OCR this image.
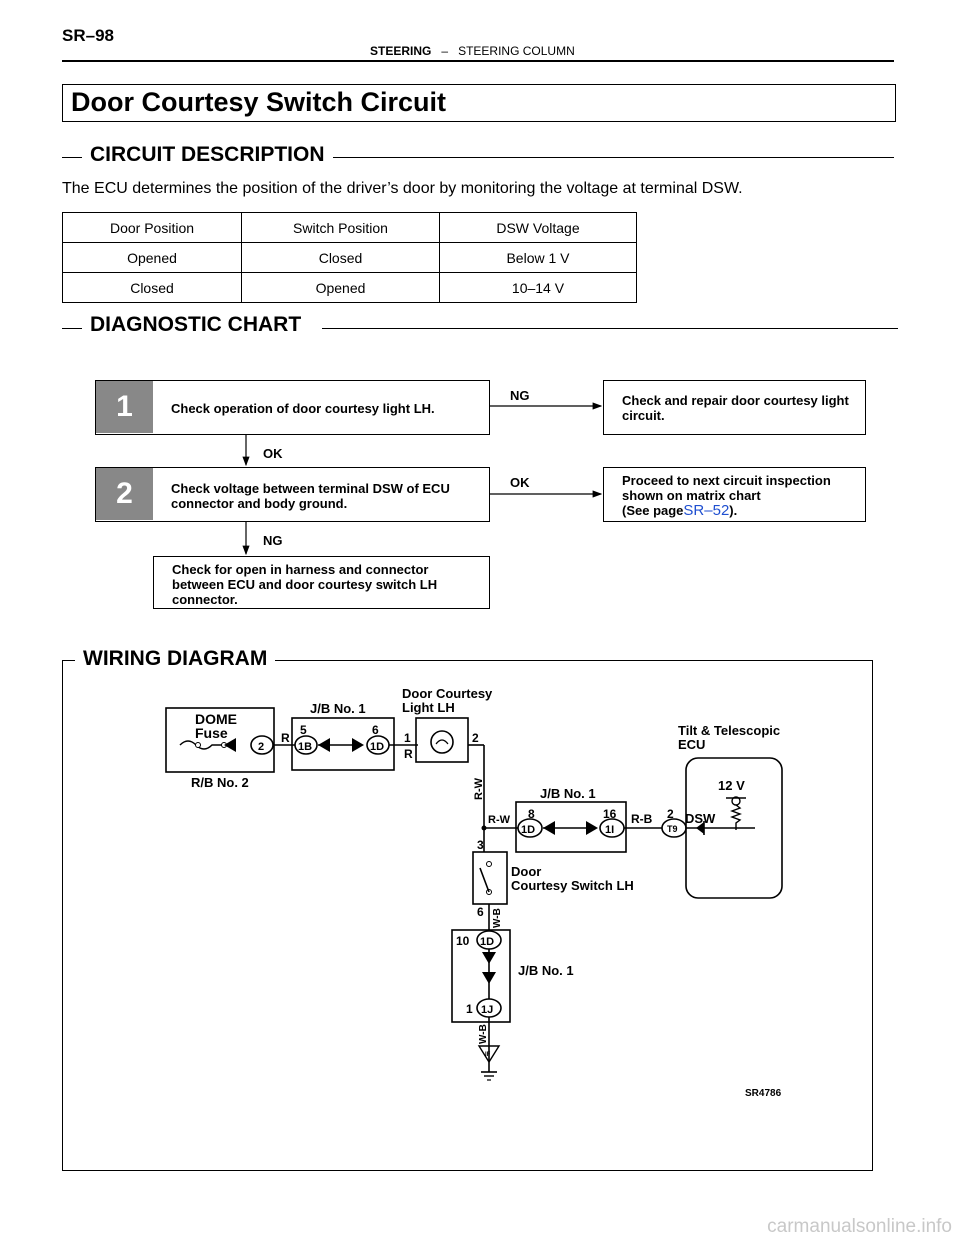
SR–98
STEERING – STEERING COLUMN
Door Courtesy Switch Circuit
CIRCUIT DESCRIPTION
The ECU determines the position of the driver’s door by monitoring the voltage at terminal DSW.
Door Position	Switch Position	DSW Voltage
Opened	Closed	Below 1 V
Closed	Opened	10–14 V
DIAGNOSTIC CHART
1	Check operation of door courtesy light LH.
Check and repair door courtesy light circuit.
NG
OK
2	Check voltage between terminal DSW of ECU connector and body ground.
Proceed to next circuit inspection shown on matrix chart
(See pageSR–52).
OK
NG
Check for open in harness and connector between ECU and door courtesy switch LH connector.
WIRING DIAGRAM
DOME
Fuse
R/B No. 2
2
R
J/B No. 1
5	6
1B	1D
Door Courtesy
Light LH
1
R
2
R-W
R-W
J/B No. 1
8	16
1D	1I
R-B 2
T9
DSW
Tilt & Telescopic
ECU
12 V
3
Door
Courtesy Switch LH
6 W-B
10 1D
J/B No. 1
1 1J
W-B
IF
SR4786
carmanualsonline.info
